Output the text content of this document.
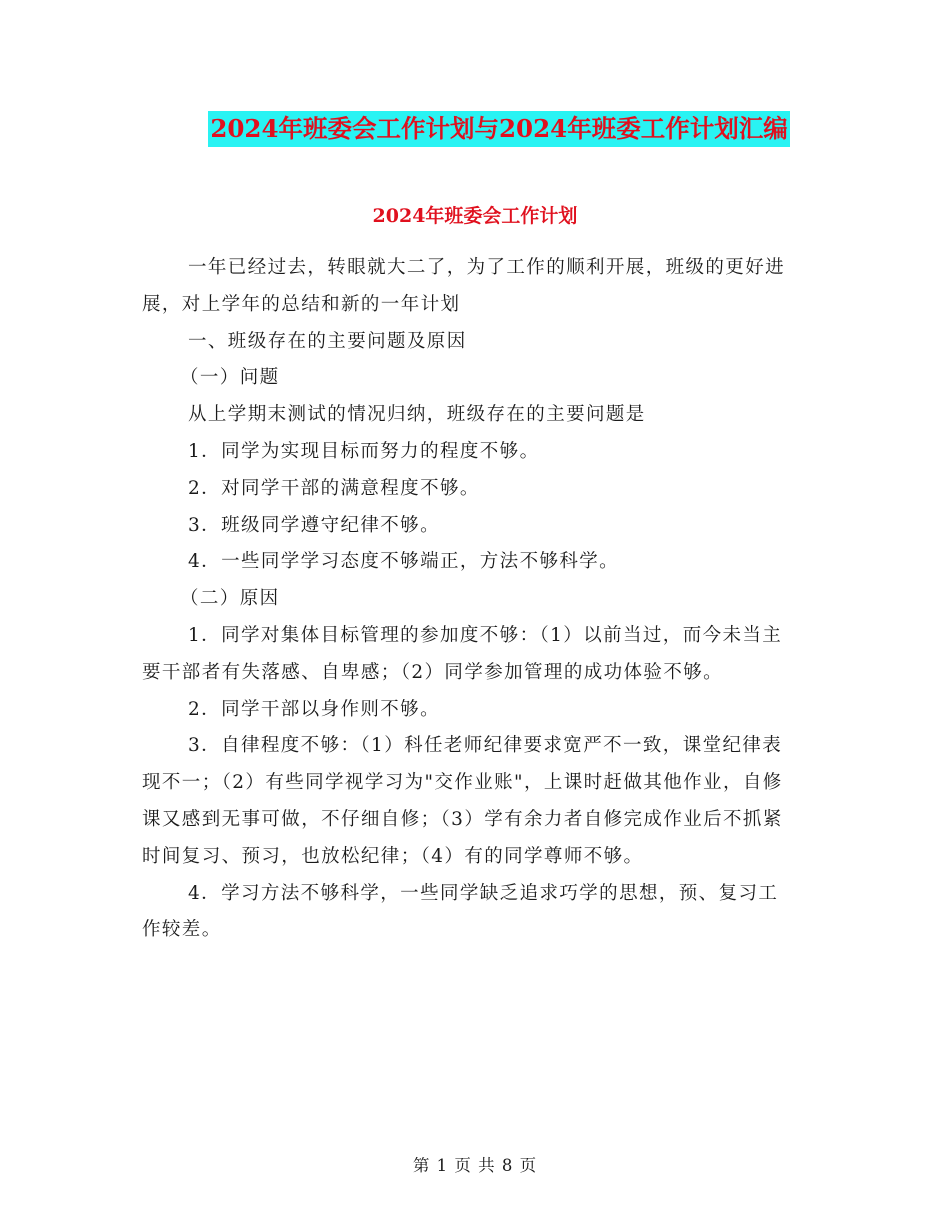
2024年班委会工作计划与2024年班委工作计划汇编
2024年班委会工作计划

一年已经过去，转眼就大二了，为了工作的顺利开展，班级的更好进展，对上学年的总结和新的一年计划

一、班级存在的主要问题及原因

（一）问题

从上学期末测试的情况归纳，班级存在的主要问题是

1．同学为实现目标而努力的程度不够。

2．对同学干部的满意程度不够。

3．班级同学遵守纪律不够。

4．一些同学学习态度不够端正，方法不够科学。

（二）原因

1．同学对集体目标管理的参加度不够：（1）以前当过，而今未当主要干部者有失落感、自卑感；（2）同学参加管理的成功体验不够。

2．同学干部以身作则不够。

3．自律程度不够：（1）科任老师纪律要求宽严不一致，课堂纪律表现不一；（2）有些同学视学习为"交作业账"，上课时赶做其他作业，自修课又感到无事可做，不仔细自修；（3）学有余力者自修完成作业后不抓紧时间复习、预习，也放松纪律；（4）有的同学尊师不够。

4．学习方法不够科学，一些同学缺乏追求巧学的思想，预、复习工作较差。

第 1 页 共 8 页
